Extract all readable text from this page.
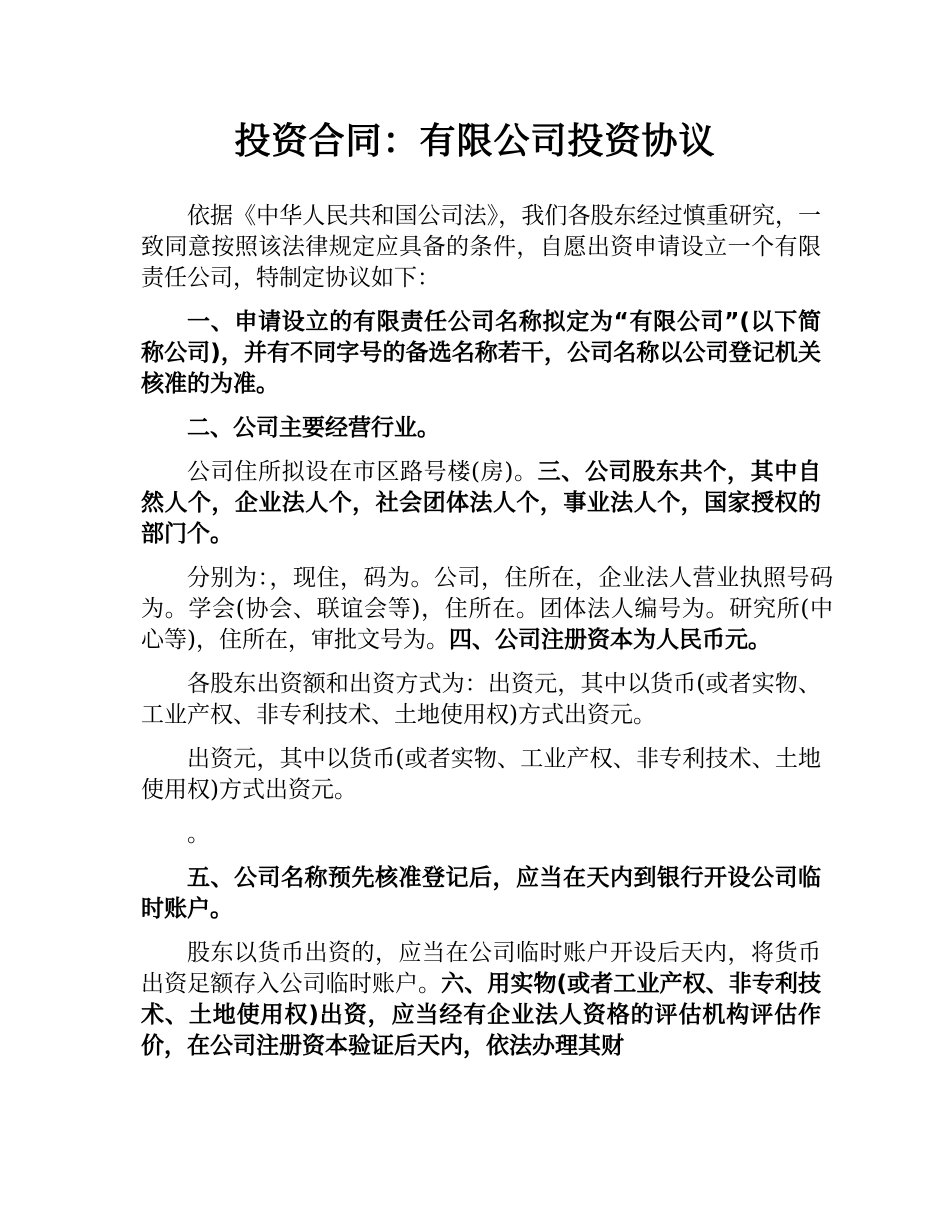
投资合同：有限公司投资协议

依据《中华人民共和国公司法》，我们各股东经过慎重研究，一致同意按照该法律规定应具备的条件，自愿出资申请设立一个有限责任公司，特制定协议如下：

一、申请设立的有限责任公司名称拟定为“有限公司”(以下简称公司)，并有不同字号的备选名称若干，公司名称以公司登记机关核准的为准。

二、公司主要经营行业。

公司住所拟设在市区路号楼(房)。三、公司股东共个，其中自然人个，企业法人个，社会团体法人个，事业法人个，国家授权的部门个。

分别为：，现住，码为。公司，住所在，企业法人营业执照号码为。学会(协会、联谊会等)，住所在。团体法人编号为。研究所(中心等)，住所在，审批文号为。四、公司注册资本为人民币元。

各股东出资额和出资方式为：出资元，其中以货币(或者实物、工业产权、非专利技术、土地使用权)方式出资元。

出资元，其中以货币(或者实物、工业产权、非专利技术、土地使用权)方式出资元。

。

五、公司名称预先核准登记后，应当在天内到银行开设公司临时账户。

股东以货币出资的，应当在公司临时账户开设后天内，将货币出资足额存入公司临时账户。六、用实物(或者工业产权、非专利技术、土地使用权)出资，应当经有企业法人资格的评估机构评估作价，在公司注册资本验证后天内，依法办理其财
